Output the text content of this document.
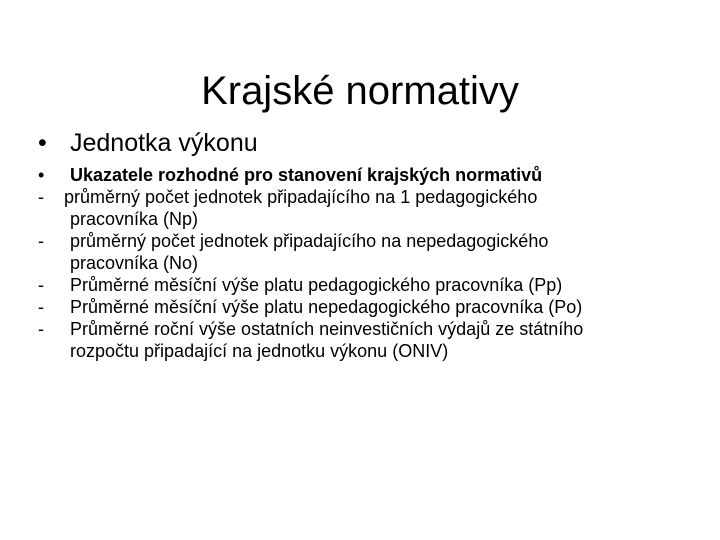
Krajské normativy
• Jednotka výkonu
•	Ukazatele rozhodné pro stanovení krajských normativů
-	průměrný počet jednotek připadajícího na 1 pedagogického
pracovníka (Np)
-	průměrný počet jednotek připadajícího na nepedagogického
pracovníka (No)
-	Průměrné měsíční výše platu pedagogického pracovníka (Pp)
-	Průměrné měsíční výše platu nepedagogického pracovníka (Po)
-	Průměrné roční výše ostatních neinvestičních výdajů ze státního
rozpočtu připadající na jednotku výkonu (ONIV)
